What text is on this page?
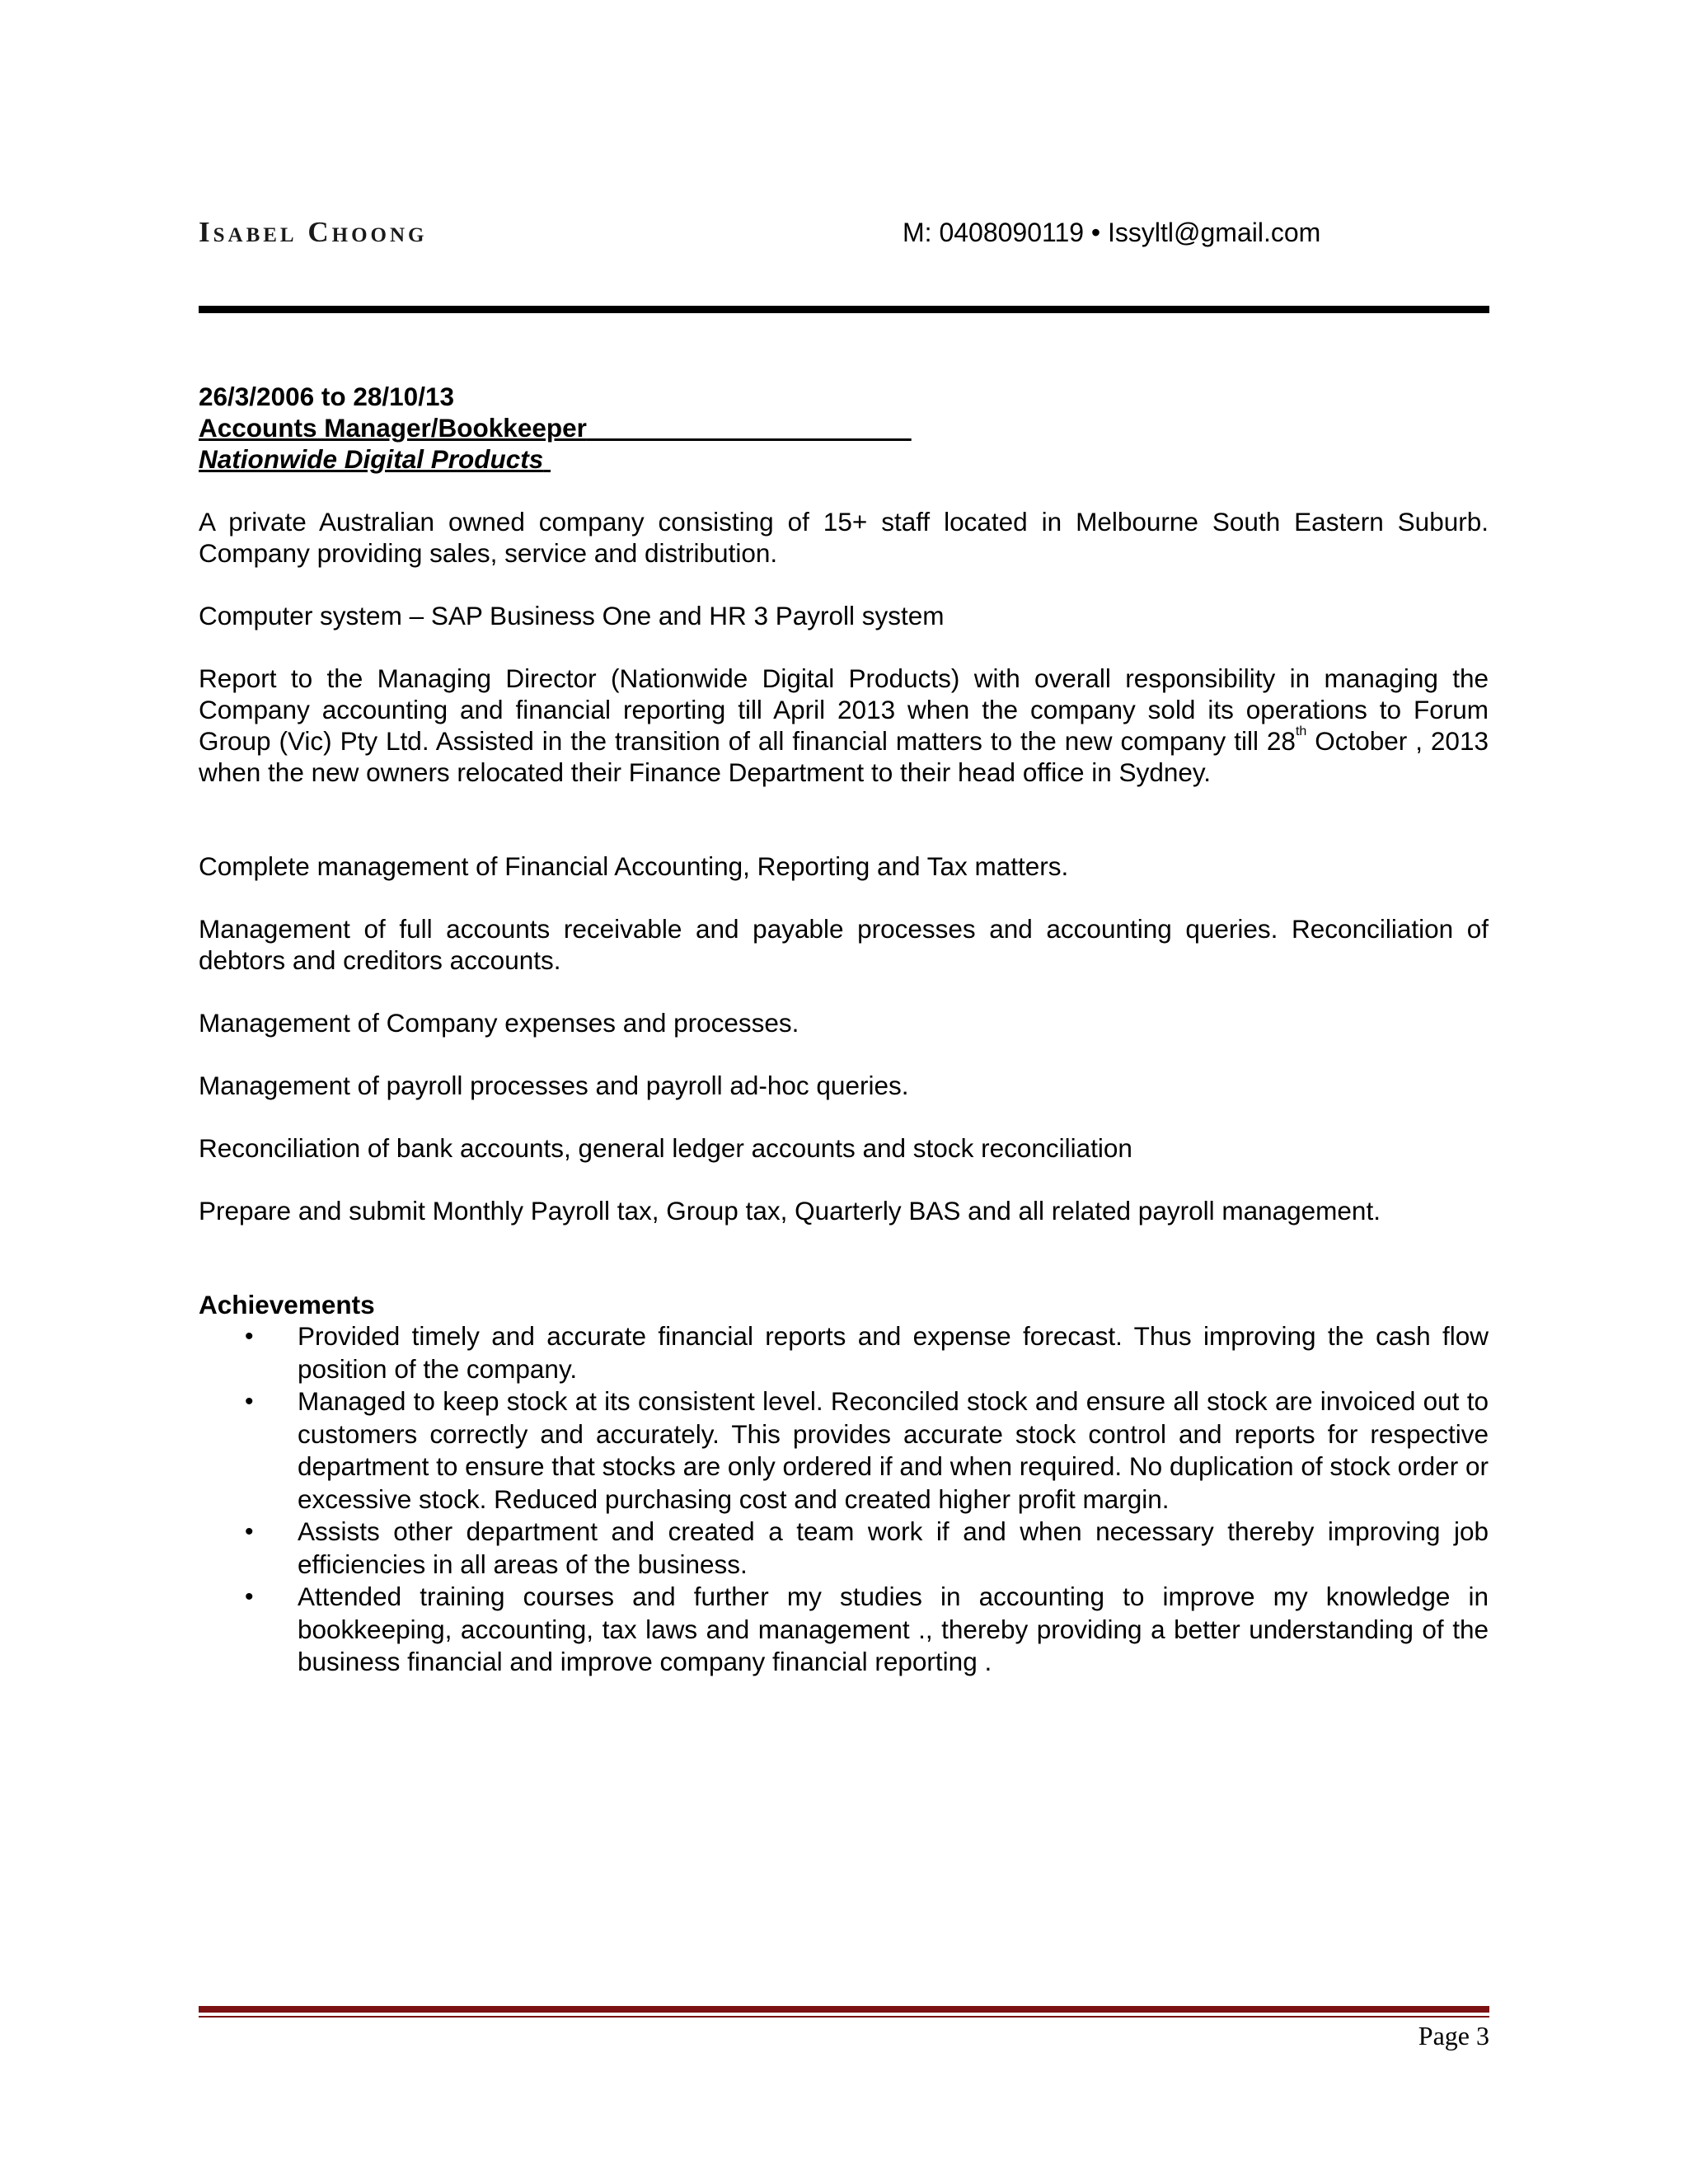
Isabel Choong	M: 0408090119 • Issyltl@gmail.com
26/3/2006 to 28/10/13
Accounts Manager/Bookkeeper
Nationwide Digital Products

A private Australian owned company consisting of 15+ staff located in Melbourne South Eastern Suburb. Company providing sales, service and distribution.

Computer system – SAP Business One and HR 3 Payroll system

Report to the Managing Director (Nationwide Digital Products) with overall responsibility in managing the Company accounting and financial reporting till April 2013 when the company sold its operations to Forum Group (Vic) Pty Ltd. Assisted in the transition of all financial matters to the new company till 28th October , 2013 when the new owners relocated their Finance Department to their head office in Sydney.

Complete management of Financial Accounting, Reporting and Tax matters.

Management of full accounts receivable and payable processes and accounting queries. Reconciliation of debtors and creditors accounts.

Management of Company expenses and processes.

Management of payroll processes and payroll ad-hoc queries.

Reconciliation of bank accounts, general ledger accounts and stock reconciliation

Prepare and submit Monthly Payroll tax, Group tax, Quarterly BAS and all related payroll management.

Achievements
• Provided timely and accurate financial reports and expense forecast. Thus improving the cash flow position of the company.
• Managed to keep stock at its consistent level. Reconciled stock and ensure all stock are invoiced out to customers correctly and accurately. This provides accurate stock control and reports for respective department to ensure that stocks are only ordered if and when required. No duplication of stock order or excessive stock. Reduced purchasing cost and created higher profit margin.
• Assists other department and created a team work if and when necessary thereby improving job efficiencies in all areas of the business.
• Attended training courses and further my studies in accounting to improve my knowledge in bookkeeping, accounting, tax laws and management ., thereby providing a better understanding of the business financial and improve company financial reporting .
Page 3
